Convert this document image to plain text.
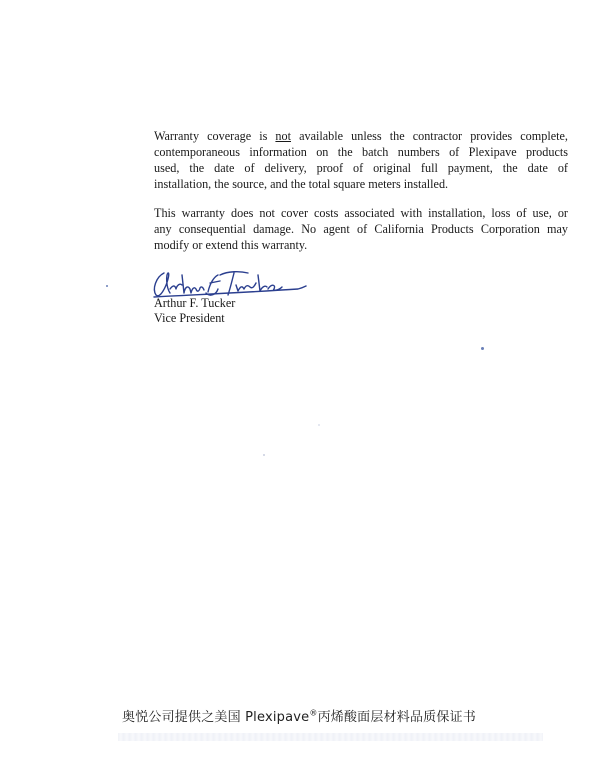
Warranty coverage is not available unless the contractor provides complete,
contemporaneous information on the batch numbers of Plexipave products
used, the date of delivery, proof of original full payment, the date of
installation, the source, and the total square meters installed.
This warranty does not cover costs associated with installation, loss of use, or
any consequential damage. No agent of California Products Corporation may
modify or extend this warranty.
Arthur F. Tucker
Arthur F. Tucker
Vice President
奥悦公司提供之美国 Plexipave®丙烯酸面层材料品质保证书
